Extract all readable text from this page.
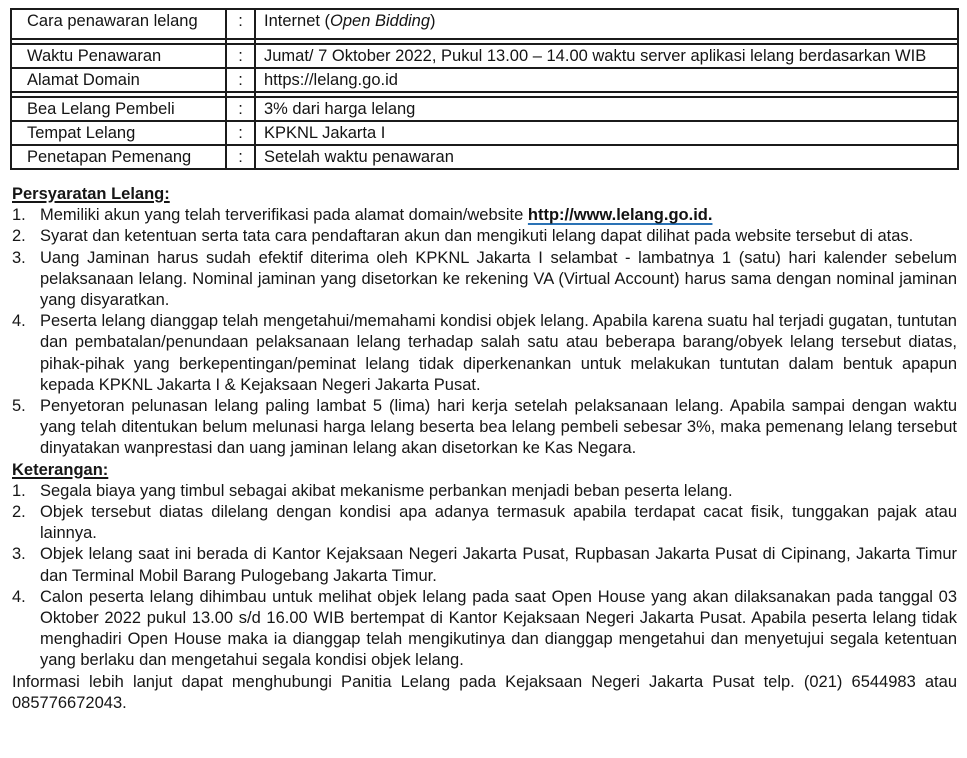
Cara penawaran lelang	:	Internet (Open Bidding)

Waktu Penawaran	:	Jumat/ 7 Oktober 2022, Pukul 13.00 – 14.00 waktu server aplikasi lelang berdasarkan WIB
Alamat Domain	:	https://lelang.go.id

Bea Lelang Pembeli	:	3% dari harga lelang
Tempat Lelang	:	KPKNL Jakarta I
Penetapan Pemenang	:	Setelah waktu penawaran
Persyaratan Lelang:
1. Memiliki akun yang telah terverifikasi pada alamat domain/website http://www.lelang.go.id.
2. Syarat dan ketentuan serta tata cara pendaftaran akun dan mengikuti lelang dapat dilihat pada website tersebut di atas.
3. Uang Jaminan harus sudah efektif diterima oleh KPKNL Jakarta I selambat - lambatnya 1 (satu) hari kalender sebelum pelaksanaan lelang. Nominal jaminan yang disetorkan ke rekening VA (Virtual Account) harus sama dengan nominal jaminan yang disyaratkan.
4. Peserta lelang dianggap telah mengetahui/memahami kondisi objek lelang. Apabila karena suatu hal terjadi gugatan, tuntutan dan pembatalan/penundaan pelaksanaan lelang terhadap salah satu atau beberapa barang/obyek lelang tersebut diatas, pihak-pihak yang berkepentingan/peminat lelang tidak diperkenankan untuk melakukan tuntutan dalam bentuk apapun kepada KPKNL Jakarta I & Kejaksaan Negeri Jakarta Pusat.
5. Penyetoran pelunasan lelang paling lambat 5 (lima) hari kerja setelah pelaksanaan lelang. Apabila sampai dengan waktu yang telah ditentukan belum melunasi harga lelang beserta bea lelang pembeli sebesar 3%, maka pemenang lelang tersebut dinyatakan wanprestasi dan uang jaminan lelang akan disetorkan ke Kas Negara.
Keterangan:
1. Segala biaya yang timbul sebagai akibat mekanisme perbankan menjadi beban peserta lelang.
2. Objek tersebut diatas dilelang dengan kondisi apa adanya termasuk apabila terdapat cacat fisik, tunggakan pajak atau lainnya.
3. Objek lelang saat ini berada di Kantor Kejaksaan Negeri Jakarta Pusat, Rupbasan Jakarta Pusat di Cipinang, Jakarta Timur dan Terminal Mobil Barang Pulogebang Jakarta Timur.
4. Calon peserta lelang dihimbau untuk melihat objek lelang pada saat Open House yang akan dilaksanakan pada tanggal 03 Oktober 2022 pukul 13.00 s/d 16.00 WIB bertempat di Kantor Kejaksaan Negeri Jakarta Pusat. Apabila peserta lelang tidak menghadiri Open House maka ia dianggap telah mengikutinya dan dianggap mengetahui dan menyetujui segala ketentuan yang berlaku dan mengetahui segala kondisi objek lelang.
Informasi lebih lanjut dapat menghubungi Panitia Lelang pada Kejaksaan Negeri Jakarta Pusat telp. (021) 6544983 atau 085776672043.
